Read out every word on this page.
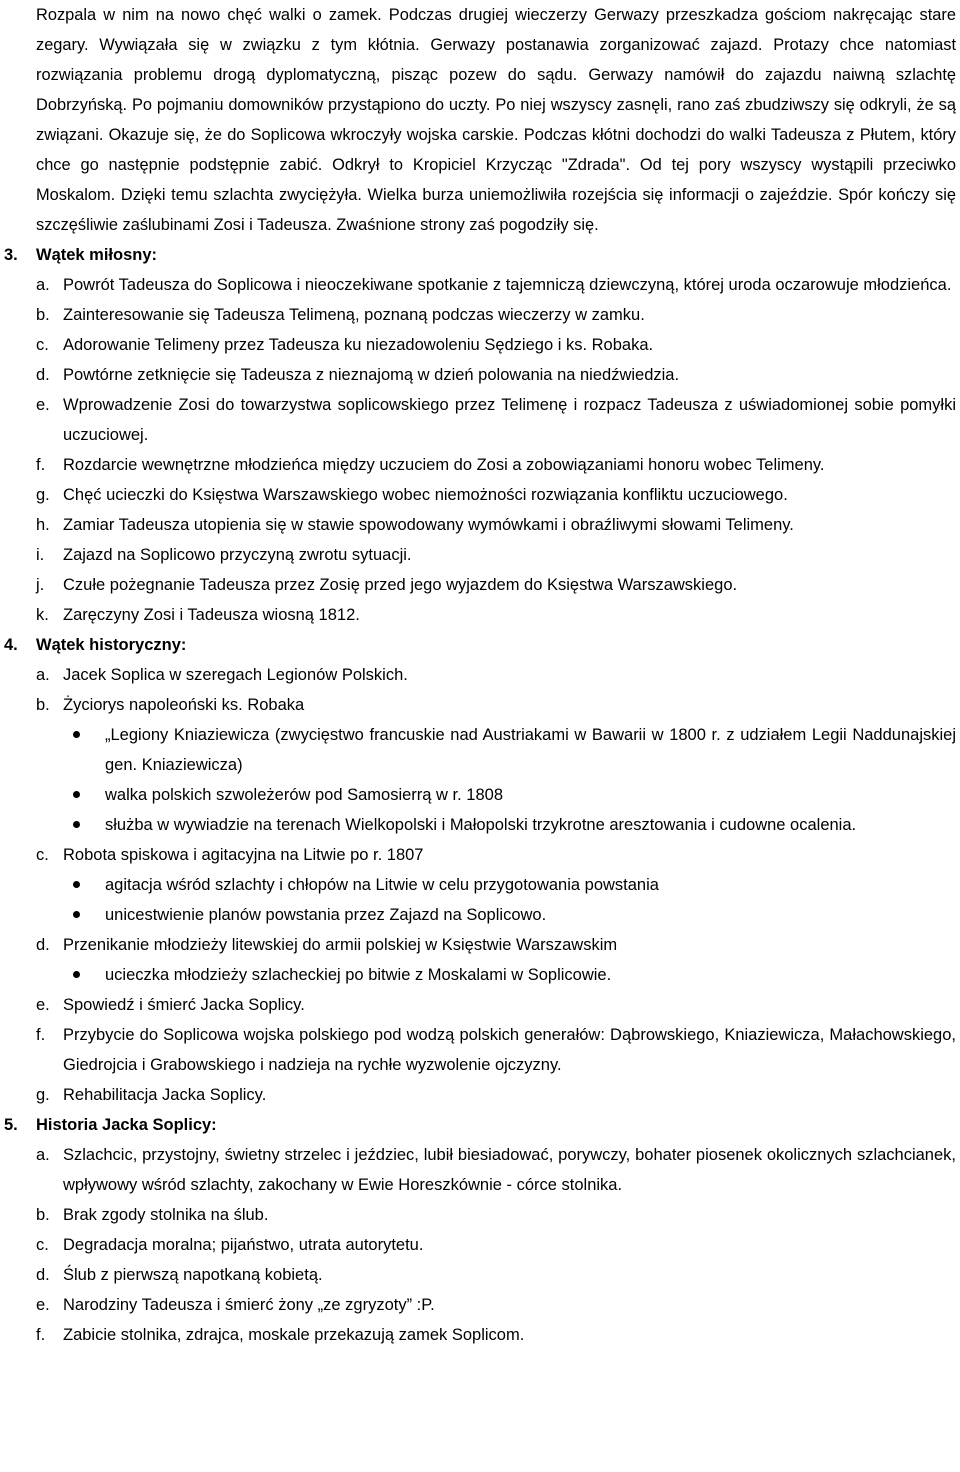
Rozpala w nim na nowo chęć walki o zamek. Podczas drugiej wieczerzy Gerwazy przeszkadza gościom nakręcając stare zegary. Wywiązała się w związku z tym kłótnia. Gerwazy postanawia zorganizować zajazd. Protazy chce natomiast rozwiązania problemu drogą dyplomatyczną, pisząc pozew do sądu. Gerwazy namówił do zajazdu naiwną szlachtę Dobrzyńską. Po pojmaniu domowników przystąpiono do uczty. Po niej wszyscy zasnęli, rano zaś zbudziwszy się odkryli, że są związani. Okazuje się, że do Soplicowa wkroczyły wojska carskie. Podczas kłótni dochodzi do walki Tadeusza z Płutem, który chce go następnie podstępnie zabić. Odkrył to Kropiciel Krzycząc "Zdrada". Od tej pory wszyscy wystąpili przeciwko Moskalom. Dzięki temu szlachta zwyciężyła. Wielka burza uniemożliwiła rozejścia się informacji o zajeździe. Spór kończy się szczęśliwie zaślubinami Zosi i Tadeusza. Zwaśnione strony zaś pogodziły się.

3.	Wątek miłosny:
a. Powrót Tadeusza do Soplicowa i nieoczekiwane spotkanie z tajemniczą dziewczyną, której uroda oczarowuje młodzieńca.
b. Zainteresowanie się Tadeusza Telimeną, poznaną podczas wieczerzy w zamku.
c. Adorowanie Telimeny przez Tadeusza ku niezadowoleniu Sędziego i ks. Robaka.
d. Powtórne zetknięcie się Tadeusza z nieznajomą w dzień polowania na niedźwiedzia.
e. Wprowadzenie Zosi do towarzystwa soplicowskiego przez Telimenę i rozpacz Tadeusza z uświadomionej sobie pomyłki uczuciowej.
f.	Rozdarcie wewnętrzne młodzieńca między uczuciem do Zosi a zobowiązaniami honoru wobec Telimeny.
g. Chęć ucieczki do Księstwa Warszawskiego wobec niemożności rozwiązania konfliktu uczuciowego.
h. Zamiar Tadeusza utopienia się w stawie spowodowany wymówkami i obraźliwymi słowami Telimeny.
i.	Zajazd na Soplicowo przyczyną zwrotu sytuacji.
j.	Czułe pożegnanie Tadeusza przez Zosię przed jego wyjazdem do Księstwa Warszawskiego.
k. Zaręczyny Zosi i Tadeusza wiosną 1812.
4.	Wątek historyczny:
a. Jacek Soplica w szeregach Legionów Polskich.
b. Życiorys napoleoński ks. Robaka
„Legiony Kniaziewicza (zwycięstwo francuskie nad Austriakami w Bawarii w 1800 r. z udziałem Legii Naddunajskiej gen. Kniaziewicza)
walka polskich szwoleżerów pod Samosierrą w r. 1808
służba w wywiadzie na terenach Wielkopolski i Małopolski trzykrotne aresztowania i cudowne ocalenia.
c. Robota spiskowa i agitacyjna na Litwie po r. 1807
agitacja wśród szlachty i chłopów na Litwie w celu przygotowania powstania
unicestwienie planów powstania przez Zajazd na Soplicowo.
d. Przenikanie młodzieży litewskiej do armii polskiej w Księstwie Warszawskim
ucieczka młodzieży szlacheckiej po bitwie z Moskalami w Soplicowie.
e. Spowiedź i śmierć Jacka Soplicy.
f.	Przybycie do Soplicowa wojska polskiego pod wodzą polskich generałów: Dąbrowskiego, Kniaziewicza, Małachowskiego, Giedrojcia i Grabowskiego i nadzieja na rychłe wyzwolenie ojczyzny.
g. Rehabilitacja Jacka Soplicy.
5.	Historia Jacka Soplicy:
a. Szlachcic, przystojny, świetny strzelec i jeździec, lubił biesiadować, porywczy, bohater piosenek okolicznych szlachcianek, wpływowy wśród szlachty, zakochany w Ewie Horeszkównie - córce stolnika.
b. Brak zgody stolnika na ślub.
c. Degradacja moralna; pijaństwo, utrata autorytetu.
d. Ślub z pierwszą napotkaną kobietą.
e. Narodziny Tadeusza i śmierć żony „ze zgryzoty” :P.
f.	Zabicie stolnika, zdrajca, moskale przekazują zamek Soplicom.
